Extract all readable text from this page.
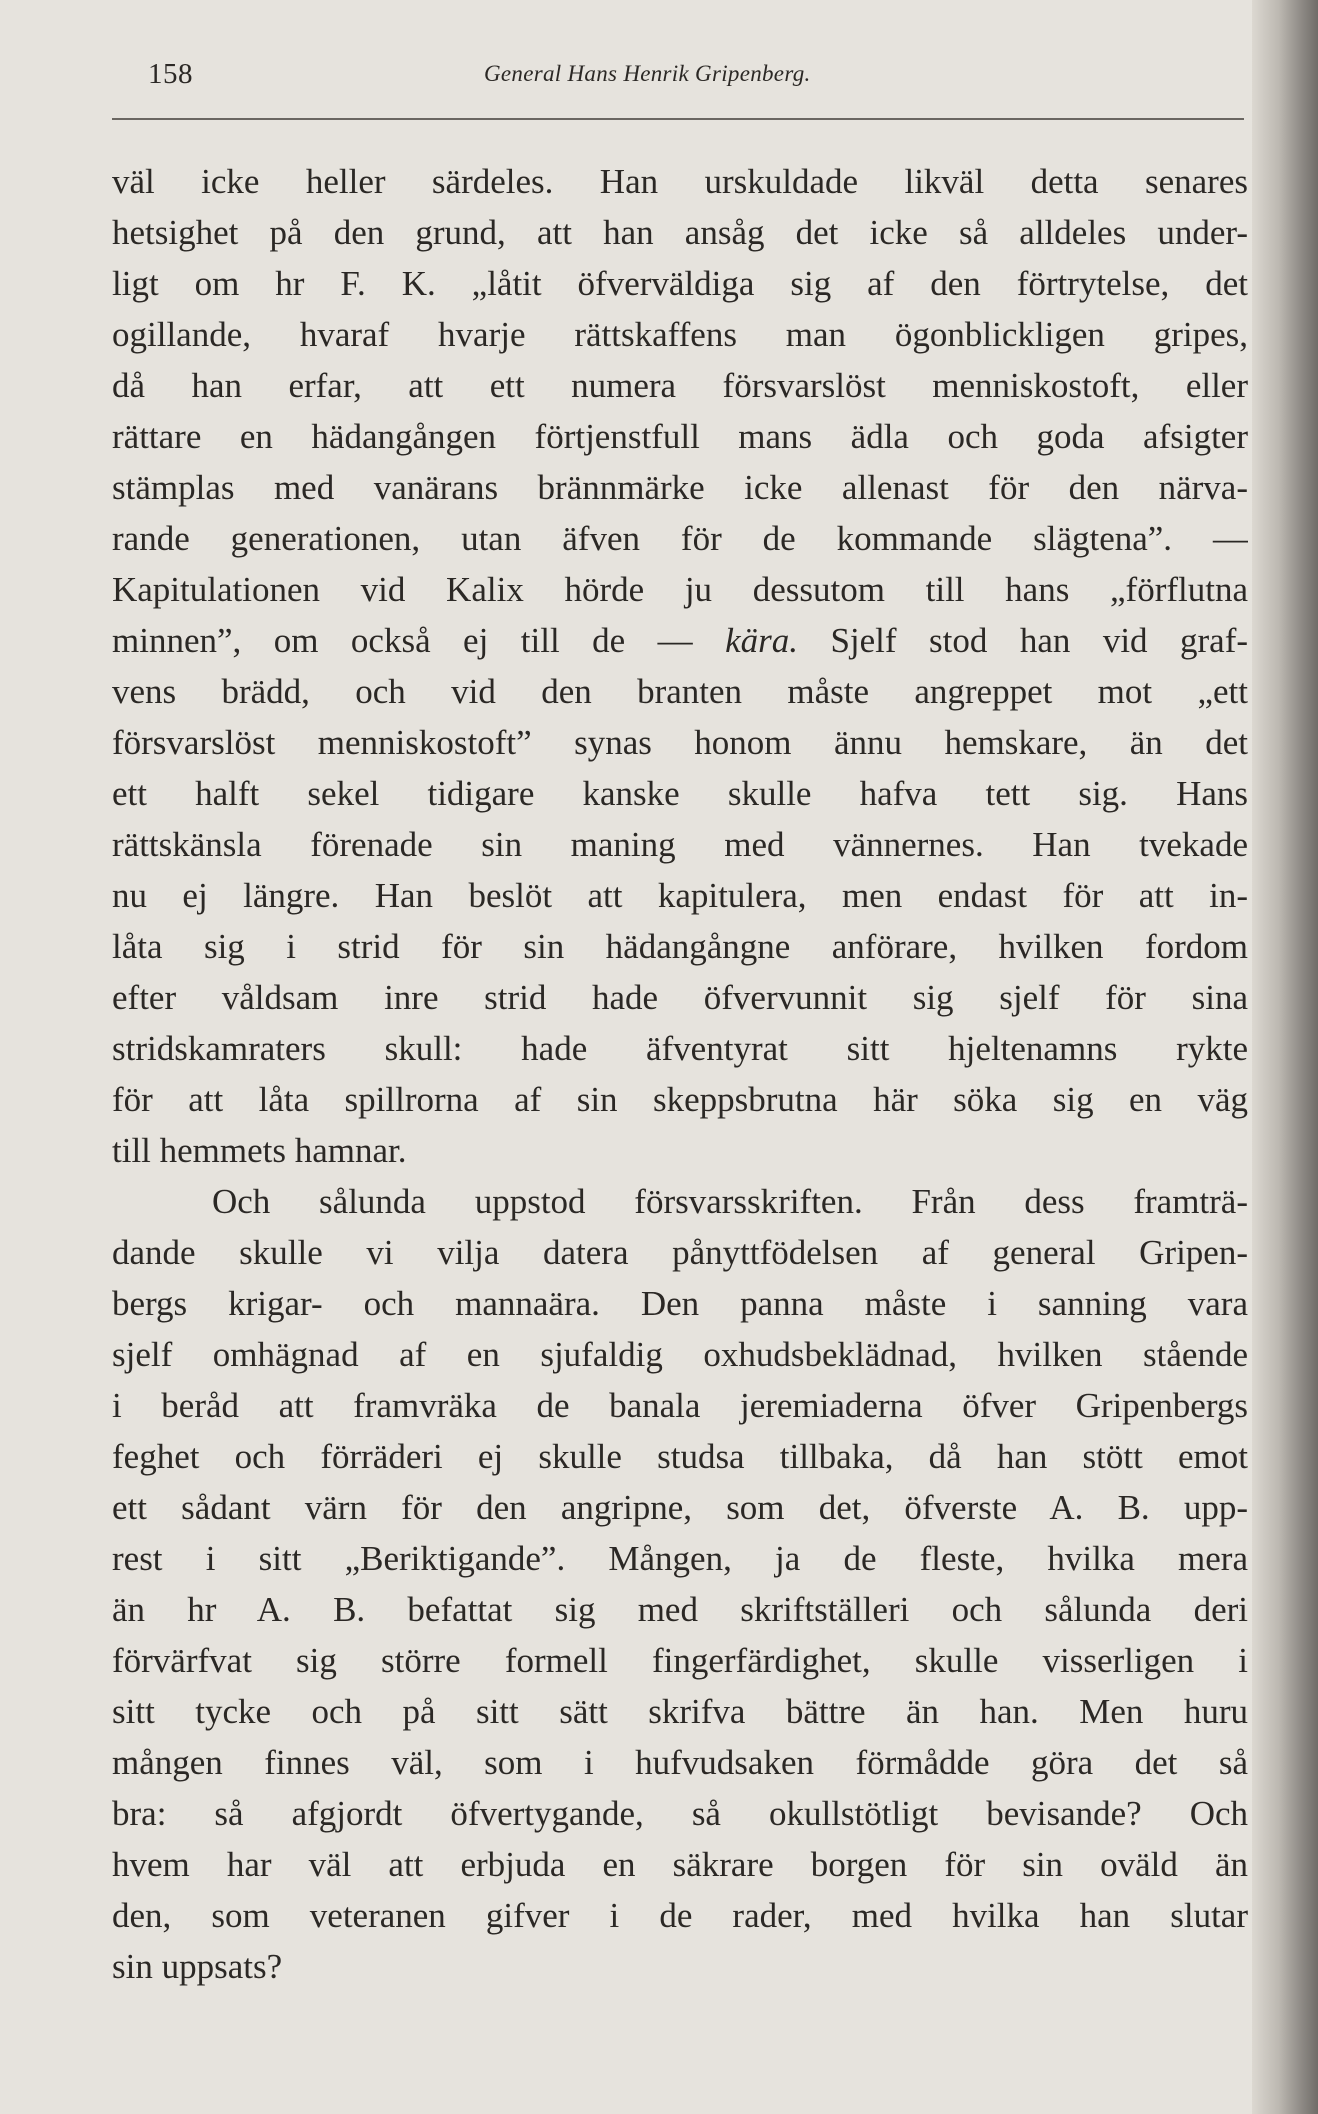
158	General Hans Henrik Gripenberg.
väl icke heller särdeles. Han urskuldade likväl detta senares
hetsighet på den grund, att han ansåg det icke så alldeles under-
ligt om hr F. K. „låtit öfverväldiga sig af den förtrytelse, det
ogillande, hvaraf hvarje rättskaffens man ögonblickligen gripes,
då han erfar, att ett numera försvarslöst menniskostoft, eller
rättare en hädangången förtjenstfull mans ädla och goda afsigter
stämplas med vanärans brännmärke icke allenast för den närva-
rande generationen, utan äfven för de kommande slägtena”. —
Kapitulationen vid Kalix hörde ju dessutom till hans „förflutna
minnen”, om också ej till de — kära. Sjelf stod han vid graf-
vens brädd, och vid den branten måste angreppet mot „ett
försvarslöst menniskostoft” synas honom ännu hemskare, än det
ett halft sekel tidigare kanske skulle hafva tett sig. Hans
rättskänsla förenade sin maning med vännernes. Han tvekade
nu ej längre. Han beslöt att kapitulera, men endast för att in-
låta sig i strid för sin hädangångne anförare, hvilken fordom
efter våldsam inre strid hade öfvervunnit sig sjelf för sina
stridskamraters skull: hade äfventyrat sitt hjeltenamns rykte
för att låta spillrorna af sin skeppsbrutna här söka sig en väg
till hemmets hamnar.
Och sålunda uppstod försvarsskriften. Från dess framträ-
dande skulle vi vilja datera pånyttfödelsen af general Gripen-
bergs krigar- och mannaära. Den panna måste i sanning vara
sjelf omhägnad af en sjufaldig oxhudsbeklädnad, hvilken stående
i beråd att framvräka de banala jeremiaderna öfver Gripenbergs
feghet och förräderi ej skulle studsa tillbaka, då han stött emot
ett sådant värn för den angripne, som det, öfverste A. B. upp-
rest i sitt „Beriktigande”. Mången, ja de fleste, hvilka mera
än hr A. B. befattat sig med skriftställeri och sålunda deri
förvärfvat sig större formell fingerfärdighet, skulle visserligen i
sitt tycke och på sitt sätt skrifva bättre än han. Men huru
mången finnes väl, som i hufvudsaken förmådde göra det så
bra: så afgjordt öfvertygande, så okullstötligt bevisande? Och
hvem har väl att erbjuda en säkrare borgen för sin oväld än
den, som veteranen gifver i de rader, med hvilka han slutar
sin uppsats?
